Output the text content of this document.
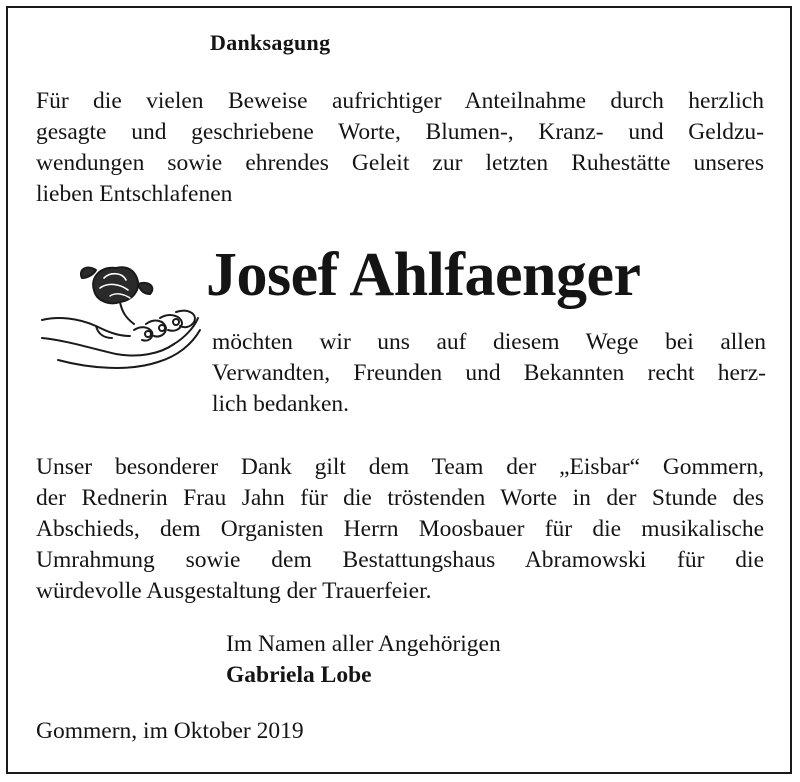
Danksagung
Für die vielen Beweise aufrichtiger Anteilnahme durch herzlich
gesagte und geschriebene Worte, Blumen-, Kranz- und Geldzu-
wendungen sowie ehrendes Geleit zur letzten Ruhestätte unseres
lieben Entschlafenen
Josef Ahlfaenger
möchten wir uns auf diesem Wege bei allen
Verwandten, Freunden und Bekannten recht herz-
lich bedanken.
Unser besonderer Dank gilt dem Team der „Eisbar“ Gommern,
der Rednerin Frau Jahn für die tröstenden Worte in der Stunde des
Abschieds, dem Organisten Herrn Moosbauer für die musikalische
Umrahmung sowie dem Bestattungshaus Abramowski für die
würdevolle Ausgestaltung der Trauerfeier.
Im Namen aller Angehörigen
Gabriela Lobe
Gommern, im Oktober 2019
